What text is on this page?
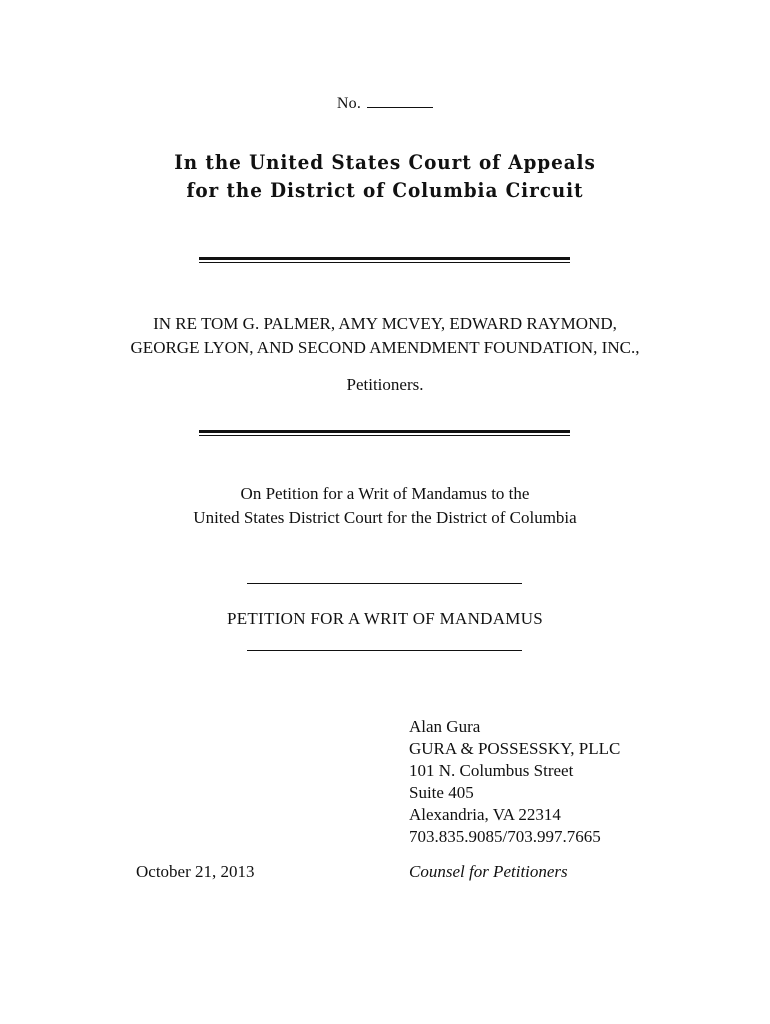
No.
In the United States Court of Appeals
for the District of Columbia Circuit
IN RE TOM G. PALMER, AMY MCVEY, EDWARD RAYMOND,
GEORGE LYON, AND SECOND AMENDMENT FOUNDATION, INC.,
Petitioners.
On Petition for a Writ of Mandamus to the
United States District Court for the District of Columbia
PETITION FOR A WRIT OF MANDAMUS
Alan Gura
GURA & POSSESSKY, PLLC
101 N. Columbus Street
Suite 405
Alexandria, VA 22314
703.835.9085/703.997.7665
October 21, 2013	Counsel for Petitioners
